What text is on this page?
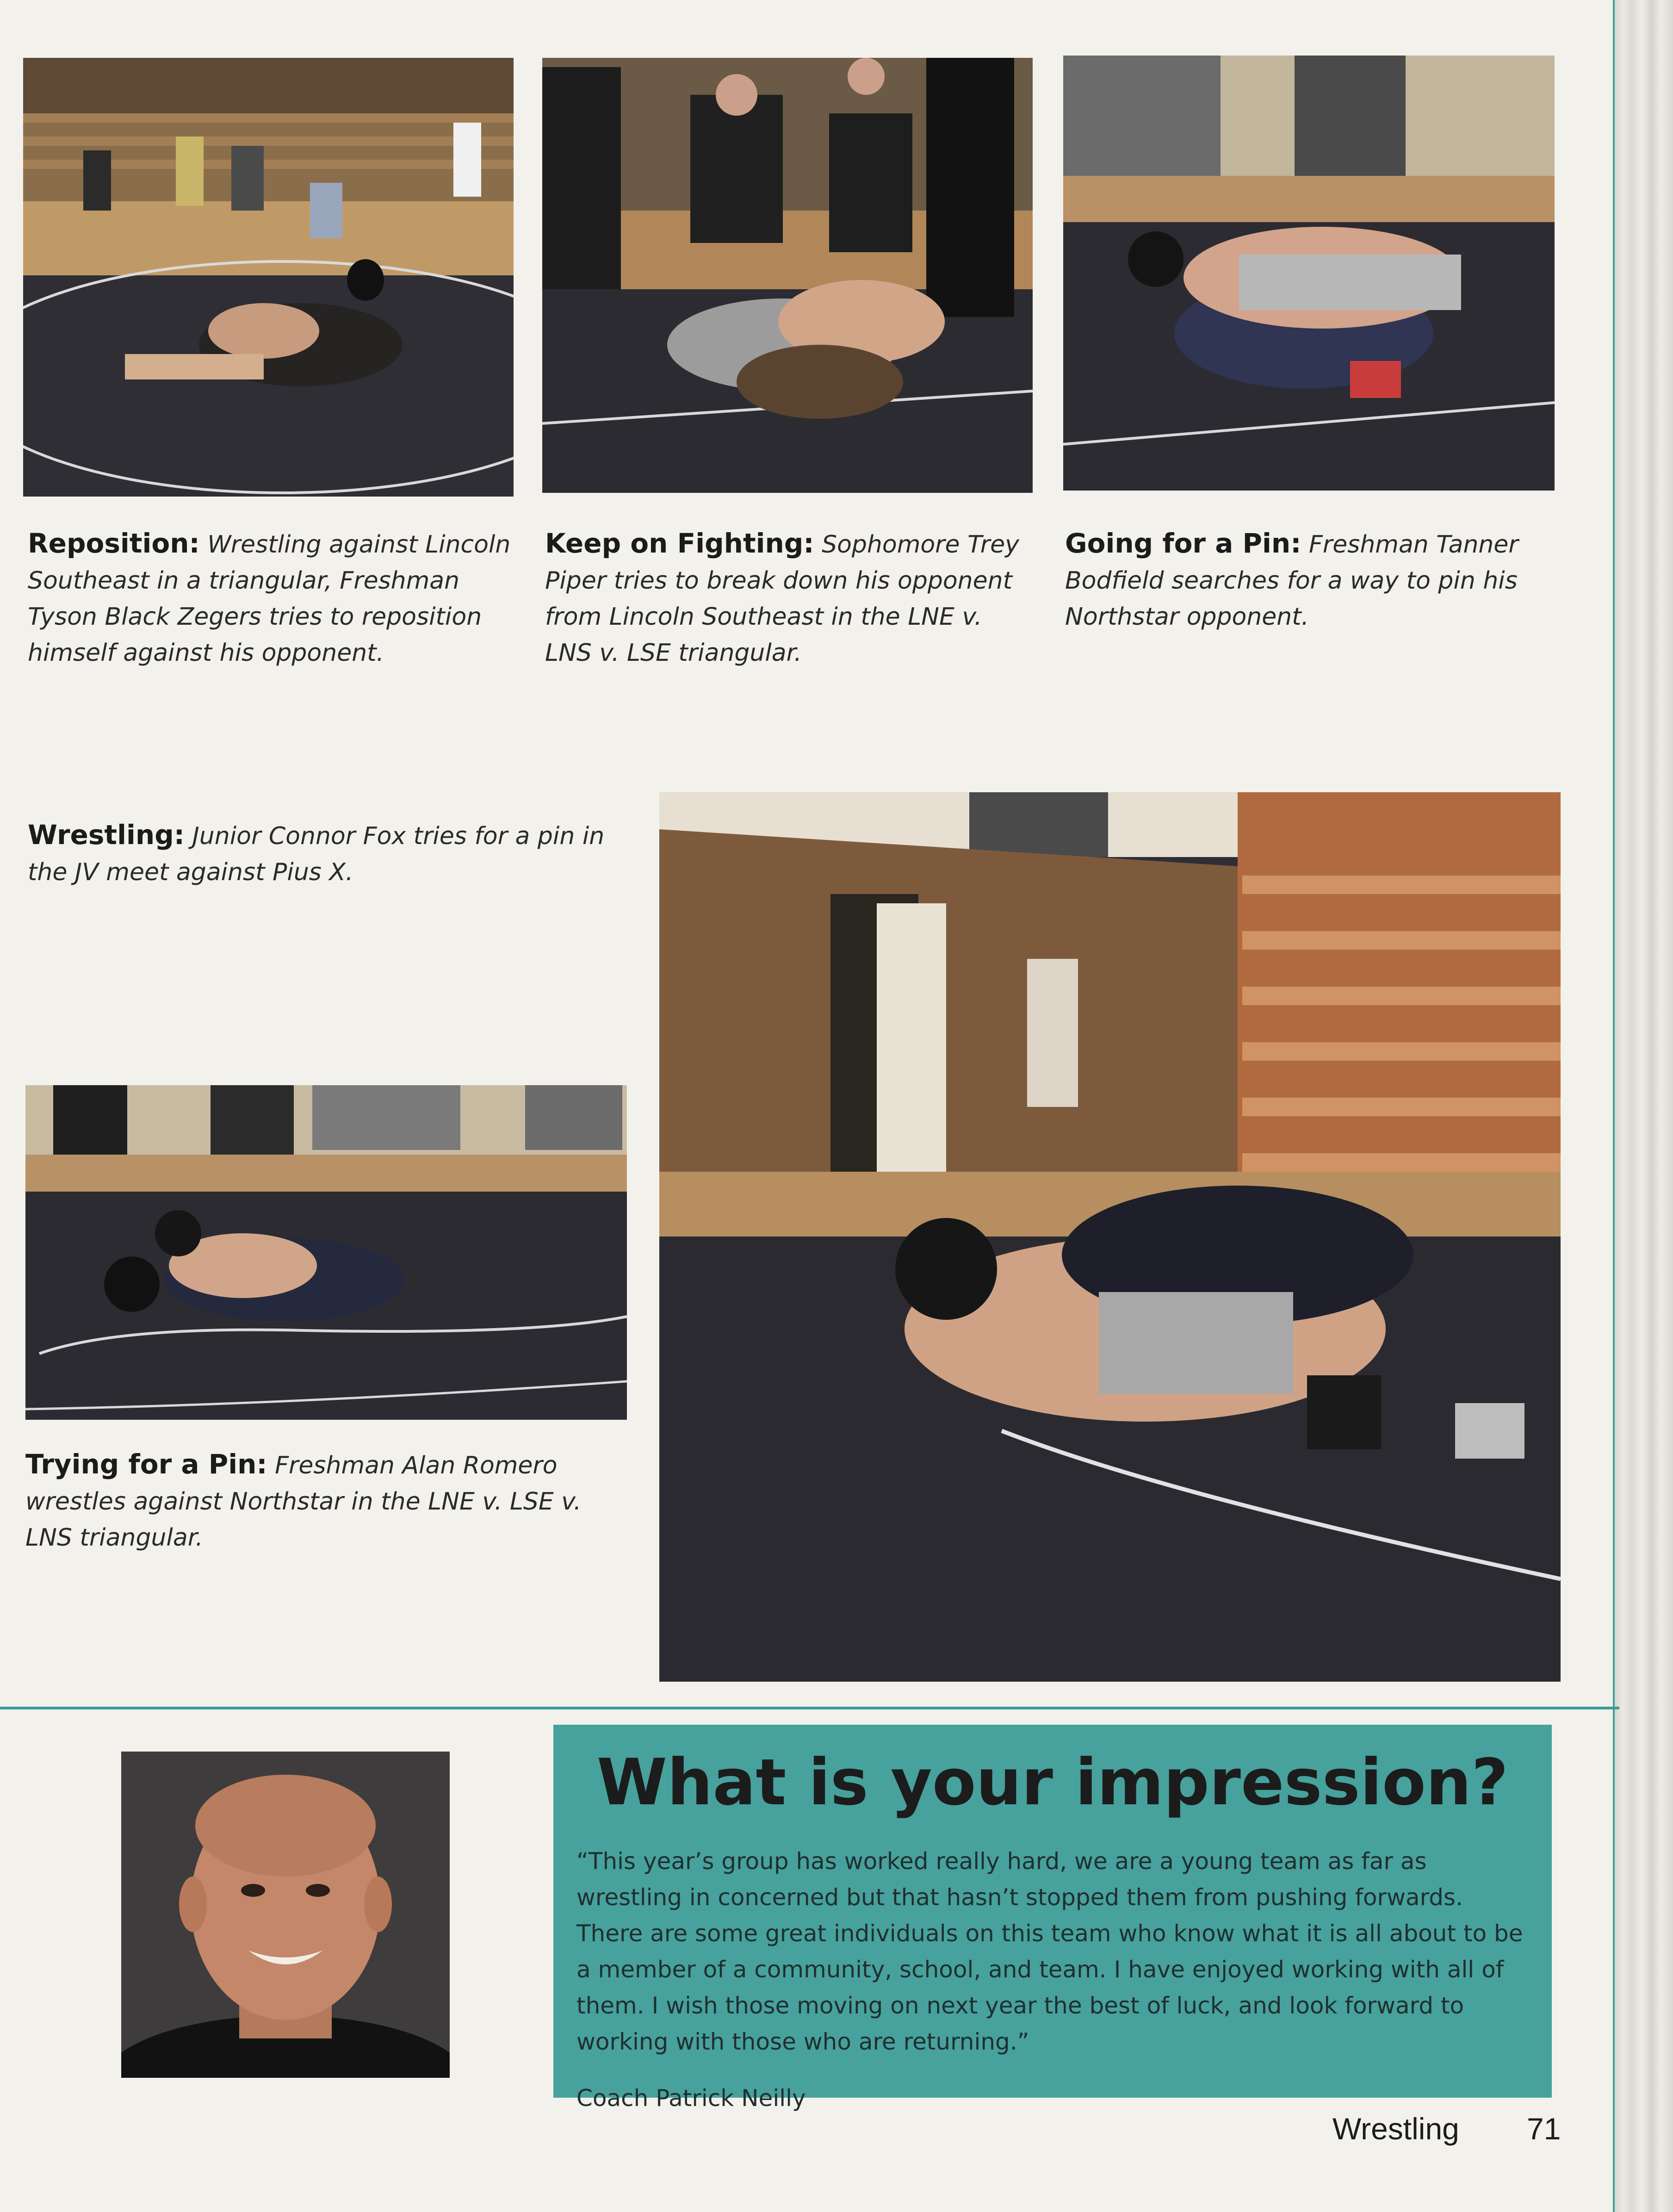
Reposition: Wrestling against Lincoln Southeast in a triangular, Freshman Tyson Black Zegers tries to reposition himself against his opponent.
Keep on Fighting: Sophomore Trey Piper tries to break down his opponent from Lincoln Southeast in the LNE v. LNS v. LSE triangular.
Going for a Pin: Freshman Tanner Bodfield searches for a way to pin his Northstar opponent.
Wrestling: Junior Connor Fox tries for a pin in the JV meet against Pius X.
Trying for a Pin: Freshman Alan Romero wrestles against Northstar in the LNE v. LSE v. LNS triangular.
What is your impression?
“This year’s group has worked really hard, we are a young team as far as wrestling in concerned but that hasn’t stopped them from pushing forwards. There are some great individuals on this team who know what it is all about to be a member of a community, school, and team. I have enjoyed working with all of them. I wish those moving on next year the best of luck, and look forward to working with those who are returning.”
Coach Patrick Neilly
Wrestling 71
